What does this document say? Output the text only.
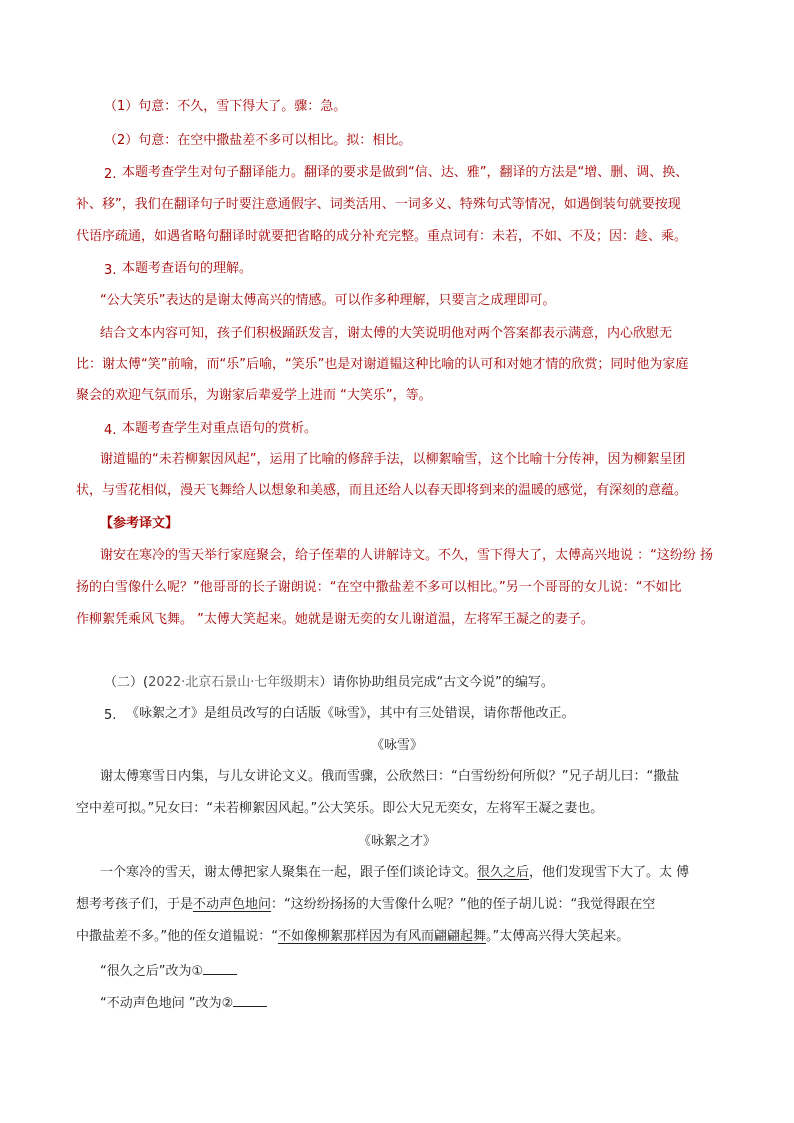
（1）句意：不久，雪下得大了。骤：急。
（2）句意：在空中撒盐差不多可以相比。拟：相比。
2. 本题考查学生对句子翻译能力。翻译的要求是做到“信、达、雅”，翻译的方法是“增、删、调、换、
补、移”，我们在翻译句子时要注意通假字、词类活用、一词多义、特殊句式等情况，如遇倒装句就要按现
代语序疏通，如遇省略句翻译时就要把省略的成分补充完整。重点词有：未若，不如、不及；因：趁、乘。
3. 本题考查语句的理解。
“公大笑乐”表达的是谢太傅高兴的情感。可以作多种理解，只要言之成理即可。
结合文本内容可知，孩子们积极踊跃发言，谢太傅的大笑说明他对两个答案都表示满意，内心欣慰无
比：谢太傅“笑”前喻，而“乐”后喻，“笑乐”也是对谢道韫这种比喻的认可和对她才情的欣赏；同时他为家庭
聚会的欢迎气氛而乐，为谢家后辈爱学上进而 “大笑乐”，等。
4. 本题考查学生对重点语句的赏析。
谢道韫的“未若柳絮因风起”，运用了比喻的修辞手法，以柳絮喻雪，这个比喻十分传神，因为柳絮呈团
状，与雪花相似，漫天飞舞给人以想象和美感，而且还给人以春天即将到来的温暖的感觉，有深刻的意蕴。
【参考译文】
谢安在寒冷的雪天举行家庭聚会，给子侄辈的人讲解诗文。不久，雪下得大了，太傅高兴地说 ：“这纷纷 扬
扬的白雪像什么呢？”他哥哥的长子谢朗说：“在空中撒盐差不多可以相比。”另一个哥哥的女儿说：“不如比
作柳絮凭乘风飞舞。 ”太傅大笑起来。她就是谢无奕的女儿谢道温，左将军王凝之的妻子。
（二）(2022·北京石景山·七年级期末）请你协助组员完成“古文今说”的编写。
5. 《咏絮之才》是组员改写的白话版《咏雪》，其中有三处错误，请你帮他改正。
《咏雪》
谢太傅寒雪日内集，与儿女讲论文义。俄而雪骤，公欣然曰：“白雪纷纷何所似？”兄子胡儿曰：“撒盐
空中差可拟。”兄女曰：“未若柳絮因风起。”公大笑乐。即公大兄无奕女，左将军王凝之妻也。
《咏絮之才》
一个寒冷的雪天，谢太傅把家人聚集在一起，跟子侄们谈论诗文。很久之后，他们发现雪下大了。太 傅
想考考孩子们，于是不动声色地问：“这纷纷扬扬的大雪像什么呢？”他的侄子胡儿说：“我觉得跟在空
中撒盐差不多。”他的侄女道韫说：“不如像柳絮那样因为有风而翩翩起舞。”太傅高兴得大笑起来。
“很久之后”改为①
“不动声色地问 ”改为②
